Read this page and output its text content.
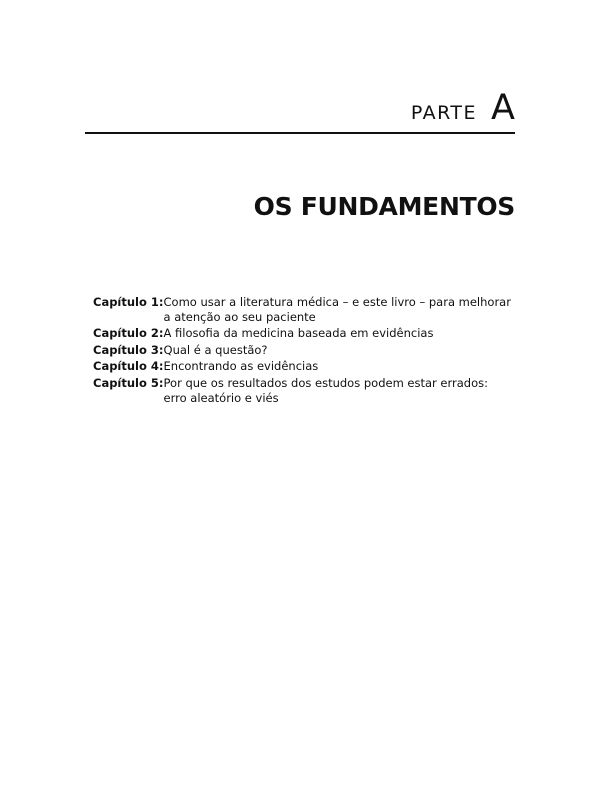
PARTE A
OS FUNDAMENTOS
Capítulo 1: Como usar a literatura médica – e este livro – para melhorar a atenção ao seu paciente
Capítulo 2: A filosofia da medicina baseada em evidências
Capítulo 3: Qual é a questão?
Capítulo 4: Encontrando as evidências
Capítulo 5: Por que os resultados dos estudos podem estar errados: erro aleatório e viés
